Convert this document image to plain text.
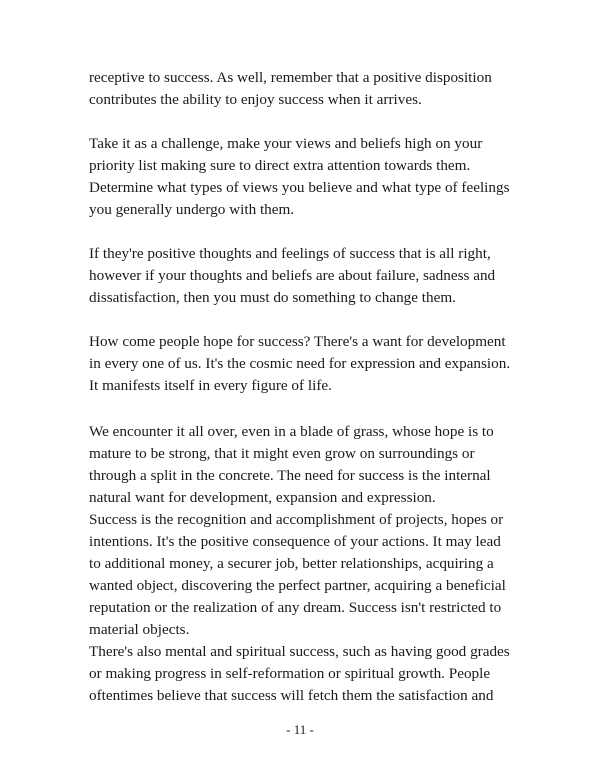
receptive to success. As well, remember that a positive disposition
contributes the ability to enjoy success when it arrives.

Take it as a challenge, make your views and beliefs high on your
priority list making sure to direct extra attention towards them.
Determine what types of views you believe and what type of feelings
you generally undergo with them.

If they're positive thoughts and feelings of success that is all right,
however if your thoughts and beliefs are about failure, sadness and
dissatisfaction, then you must do something to change them.

How come people hope for success? There's a want for development
in every one of us. It's the cosmic need for expression and expansion.
It manifests itself in every figure of life.

We encounter it all over, even in a blade of grass, whose hope is to
mature to be strong, that it might even grow on surroundings or
through a split in the concrete. The need for success is the internal
natural want for development, expansion and expression.

Success is the recognition and accomplishment of projects, hopes or
intentions. It's the positive consequence of your actions. It may lead
to additional money, a securer job, better relationships, acquiring a
wanted object, discovering the perfect partner, acquiring a beneficial
reputation or the realization of any dream. Success isn't restricted to
material objects.

There's also mental and spiritual success, such as having good grades
or making progress in self-reformation or spiritual growth. People
oftentimes believe that success will fetch them the satisfaction and

- 11 -
